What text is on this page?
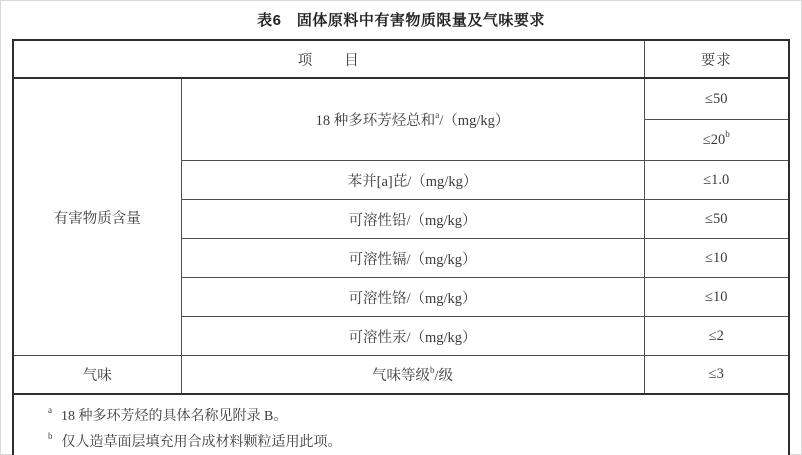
表6　固体原料中有害物质限量及气味要求
项　　目		要求
有害物质含量	18 种多环芳烃总和$^a$/（mg/kg）	≤50
		$\le 20^b$
	苯并[a]芘/（mg/kg）	≤1.0
	可溶性铅/（mg/kg）	≤50
	可溶性镉/（mg/kg）	≤10
	可溶性铬/（mg/kg）	≤10
	可溶性汞/（mg/kg）	≤2
气味	气味等级$^b$/级	≤3

$^a$ 18 种多环芳烃的具体名称见附录 B。
$^b$ 仅人造草面层填充用合成材料颗粒适用此项。		
